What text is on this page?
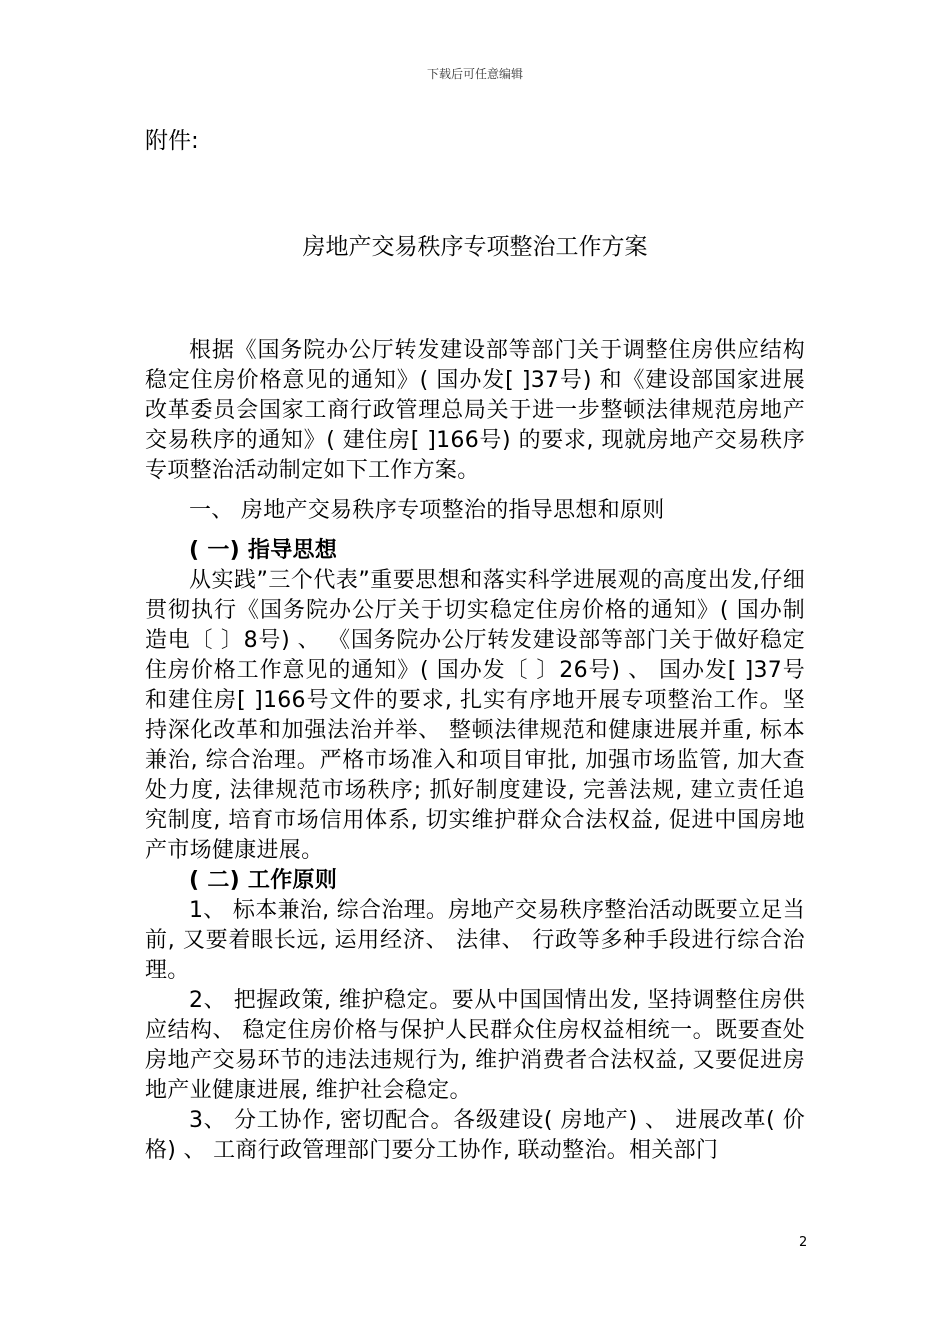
下载后可任意编辑
附件:
房地产交易秩序专项整治工作方案

根据《国务院办公厅转发建设部等部门关于调整住房供应结构稳定住房价格意见的通知》( 国办发[ ]37号) 和《建设部国家进展改革委员会国家工商行政管理总局关于进一步整顿法律规范房地产交易秩序的通知》( 建住房[ ]166号) 的要求, 现就房地产交易秩序专项整治活动制定如下工作方案。

一、 房地产交易秩序专项整治的指导思想和原则

( 一) 指导思想

从实践”三个代表”重要思想和落实科学进展观的高度出发,仔细贯彻执行《国务院办公厅关于切实稳定住房价格的通知》( 国办制造电〔 〕8号) 、 《国务院办公厅转发建设部等部门关于做好稳定住房价格工作意见的通知》( 国办发〔 〕26号) 、 国办发[ ]37号和建住房[ ]166号文件的要求, 扎实有序地开展专项整治工作。坚持深化改革和加强法治并举、 整顿法律规范和健康进展并重, 标本兼治, 综合治理。严格市场准入和项目审批, 加强市场监管, 加大查处力度, 法律规范市场秩序; 抓好制度建设, 完善法规, 建立责任追究制度, 培育市场信用体系, 切实维护群众合法权益, 促进中国房地产市场健康进展。

( 二) 工作原则

1、 标本兼治, 综合治理。房地产交易秩序整治活动既要立足当前, 又要着眼长远, 运用经济、 法律、 行政等多种手段进行综合治理。

2、 把握政策, 维护稳定。要从中国国情出发, 坚持调整住房供应结构、 稳定住房价格与保护人民群众住房权益相统一。既要查处房地产交易环节的违法违规行为, 维护消费者合法权益, 又要促进房地产业健康进展, 维护社会稳定。

3、 分工协作, 密切配合。各级建设( 房地产) 、 进展改革( 价格) 、 工商行政管理部门要分工协作, 联动整治。相关部门

2
